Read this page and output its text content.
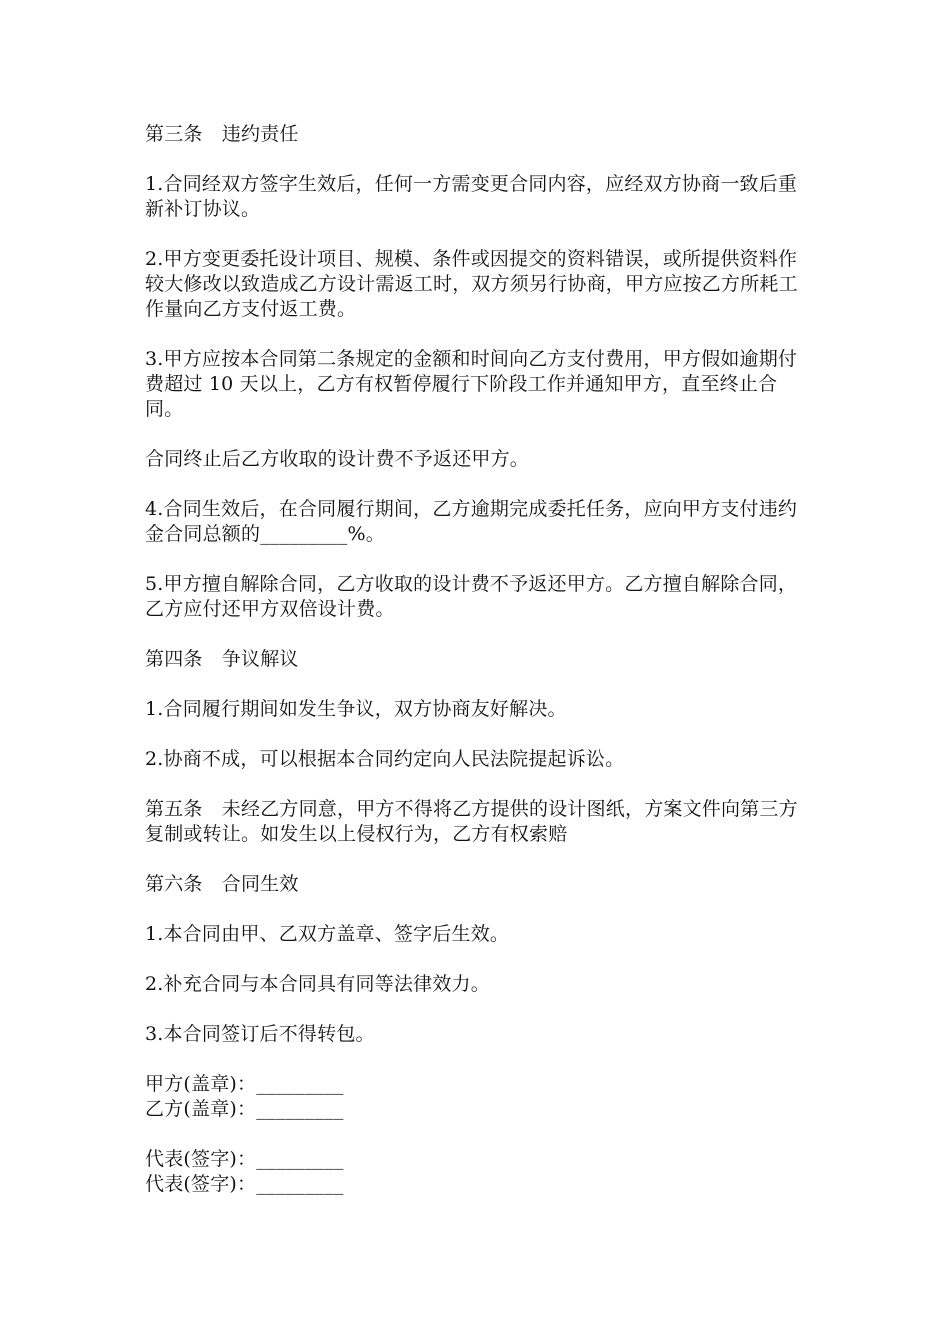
第三条　违约责任

1.合同经双方签字生效后，任何一方需变更合同内容，应经双方协商一致后重新补订协议。

2.甲方变更委托设计项目、规模、条件或因提交的资料错误，或所提供资料作较大修改以致造成乙方设计需返工时，双方须另行协商，甲方应按乙方所耗工作量向乙方支付返工费。

3.甲方应按本合同第二条规定的金额和时间向乙方支付费用，甲方假如逾期付费超过 10 天以上，乙方有权暂停履行下阶段工作并通知甲方，直至终止合同。

合同终止后乙方收取的设计费不予返还甲方。

4.合同生效后，在合同履行期间，乙方逾期完成委托任务，应向甲方支付违约金合同总额的_________%。

5.甲方擅自解除合同，乙方收取的设计费不予返还甲方。乙方擅自解除合同，乙方应付还甲方双倍设计费。

第四条　争议解议

1.合同履行期间如发生争议，双方协商友好解决。

2.协商不成，可以根据本合同约定向人民法院提起诉讼。

第五条　未经乙方同意，甲方不得将乙方提供的设计图纸，方案文件向第三方复制或转让。如发生以上侵权行为，乙方有权索赔

第六条　合同生效

1.本合同由甲、乙双方盖章、签字后生效。

2.补充合同与本合同具有同等法律效力。

3.本合同签订后不得转包。

甲方(盖章)：_________
乙方(盖章)：_________
代表(签字)：_________
代表(签字)：_________
